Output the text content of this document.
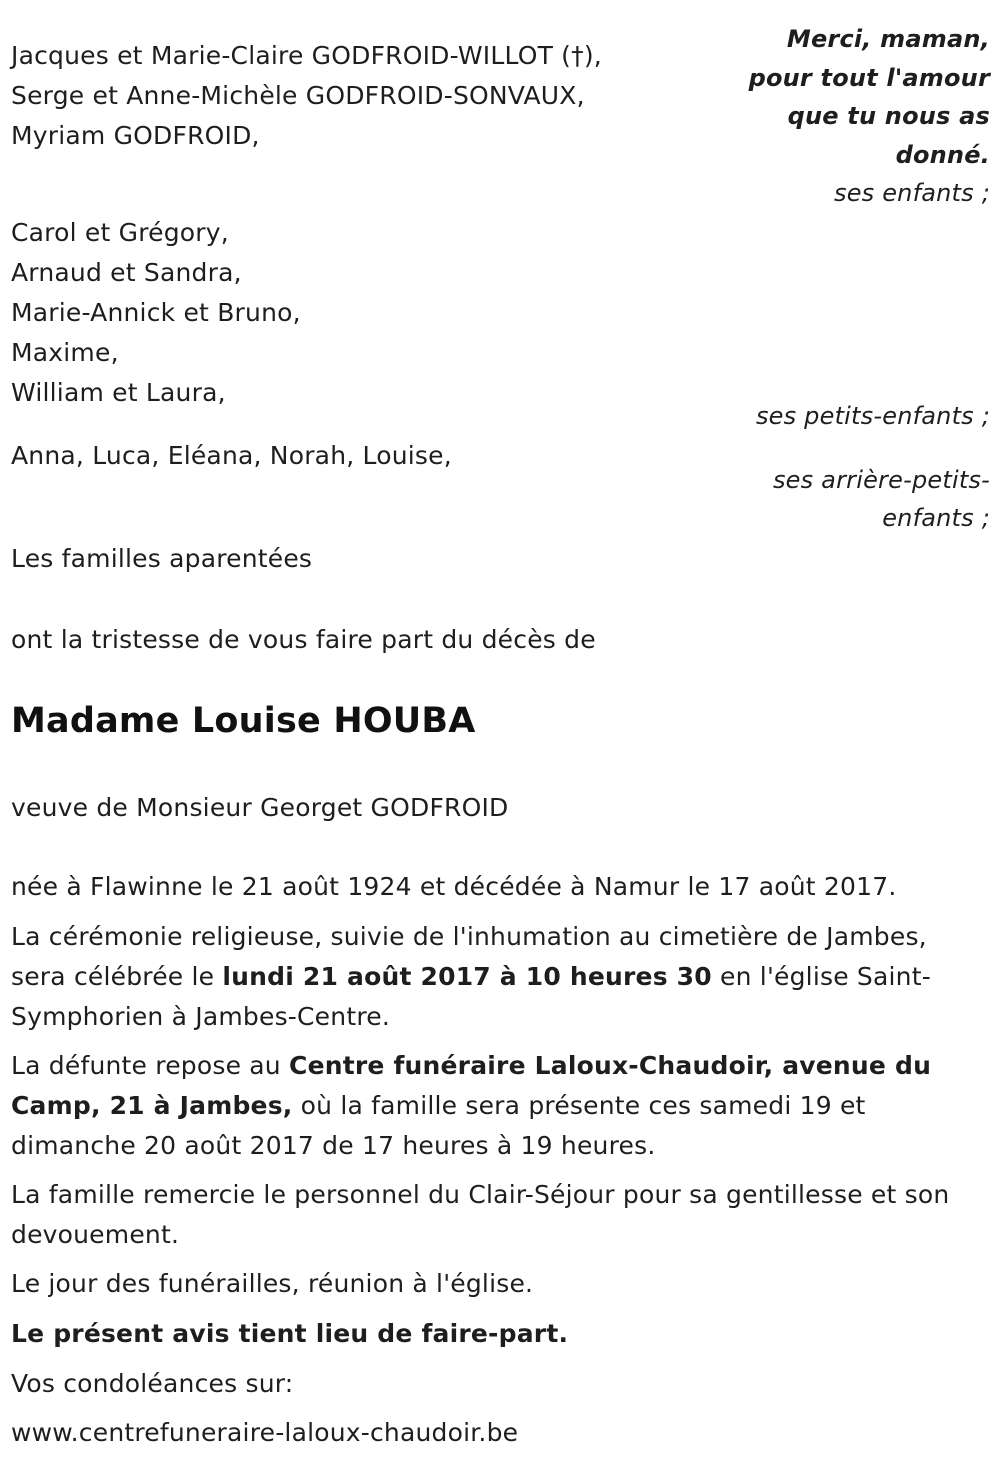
Jacques et Marie-Claire GODFROID-WILLOT (†),
Serge et Anne-Michèle GODFROID-SONVAUX,
Myriam GODFROID,
Merci, maman,
pour tout l'amour
que tu nous as
donné.
ses enfants ;
Carol et Grégory,
Arnaud et Sandra,
Marie-Annick et Bruno,
Maxime,
William et Laura,
ses petits-enfants ;
Anna, Luca, Eléana, Norah, Louise,
ses arrière-petits-
enfants ;
Les familles aparentées
ont la tristesse de vous faire part du décès de
Madame Louise HOUBA
veuve de Monsieur Georget GODFROID
née à Flawinne le 21 août 1924 et décédée à Namur le 17 août 2017.
La cérémonie religieuse, suivie de l'inhumation au cimetière de Jambes, sera célébrée le lundi 21 août 2017 à 10 heures 30 en l'église Saint-Symphorien à Jambes-Centre.
La défunte repose au Centre funéraire Laloux-Chaudoir, avenue du Camp, 21 à Jambes, où la famille sera présente ces samedi 19 et dimanche 20 août 2017 de 17 heures à 19 heures.
La famille remercie le personnel du Clair-Séjour pour sa gentillesse et son devouement.
Le jour des funérailles, réunion à l'église.
Le présent avis tient lieu de faire-part.
Vos condoléances sur:
www.centrefuneraire-laloux-chaudoir.be
